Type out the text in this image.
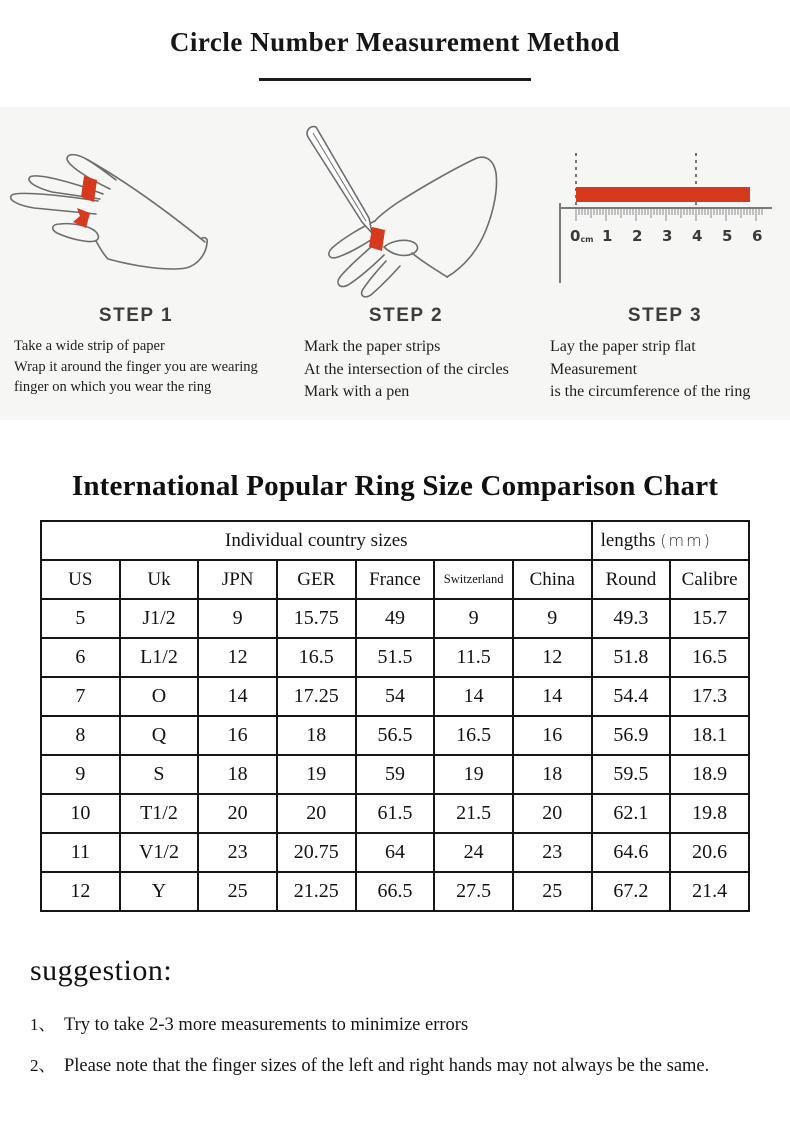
Circle Number Measurement Method
STEP 1

Take a wide strip of paper

Wrap it around the finger you are wearing

finger on which you wear the ring

STEP 2

Mark the paper strips

At the intersection of the circles

Mark with a pen

0cm 1 2 3 4 5 6
STEP 3

Lay the paper strip flat

Measurement

is the circumference of the ring

International Popular Ring Size Comparison Chart
Individual country sizes							lengths (mm)	
US	Uk	JPN	GER	France	Switzerland	China	Round	Calibre
5	J1/2	9	15.75	49	9	9	49.3	15.7
6	L1/2	12	16.5	51.5	11.5	12	51.8	16.5
7	O	14	17.25	54	14	14	54.4	17.3
8	Q	16	18	56.5	16.5	16	56.9	18.1
9	S	18	19	59	19	18	59.5	18.9
10	T1/2	20	20	61.5	21.5	20	62.1	19.8
11	V1/2	23	20.75	64	24	23	64.6	20.6
12	Y	25	21.25	66.5	27.5	25	67.2	21.4
suggestion:
1、 Try to take 2-3 more measurements to minimize errors
2、 Please note that the finger sizes of the left and right hands may not always be the same.
